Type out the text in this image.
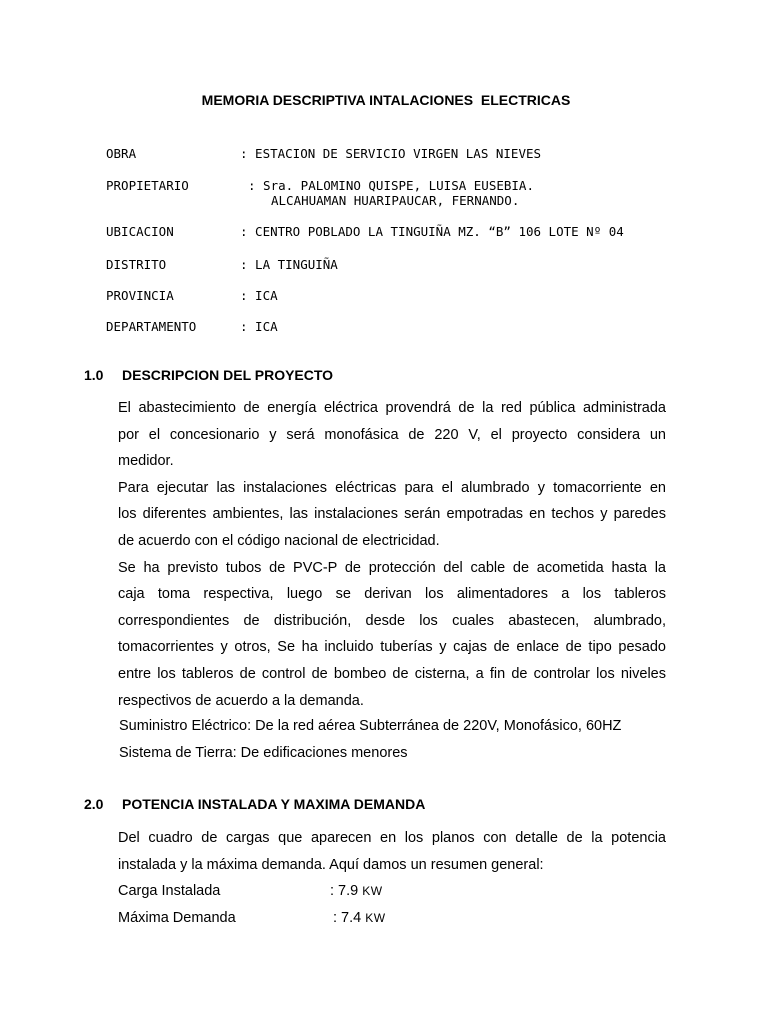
MEMORIA DESCRIPTIVA INTALACIONES  ELECTRICAS
OBRA	: ESTACION DE SERVICIO VIRGEN LAS NIEVES
PROPIETARIO	: Sra. PALOMINO QUISPE, LUISA EUSEBIA.
ALCAHUAMAN HUARIPAUCAR, FERNANDO.
UBICACION	: CENTRO POBLADO LA TINGUIÑA MZ. “B” 106 LOTE Nº 04
DISTRITO	: LA TINGUIÑA
PROVINCIA	: ICA
DEPARTAMENTO	: ICA
1.0 DESCRIPCION DEL PROYECTO
El abastecimiento de energía eléctrica provendrá de la red pública administrada
por el concesionario y será monofásica de 220 V, el proyecto considera un
medidor.
Para ejecutar las instalaciones eléctricas para el alumbrado y tomacorriente en
los diferentes ambientes, las instalaciones serán empotradas en techos y paredes
de acuerdo con el código nacional de electricidad.
Se ha previsto tubos de PVC-P de protección del cable de acometida hasta la
caja toma respectiva, luego se derivan los alimentadores a los tableros
correspondientes de distribución, desde los cuales abastecen, alumbrado,
tomacorrientes y otros, Se ha incluido tuberías y cajas de enlace de tipo pesado
entre los tableros de control de bombeo de cisterna, a fin de controlar los niveles
respectivos de acuerdo a la demanda.
Suministro Eléctrico: De la red aérea Subterránea de 220V, Monofásico, 60HZ
Sistema de Tierra: De edificaciones menores
2.0 POTENCIA INSTALADA Y MAXIMA DEMANDA
Del cuadro de cargas que aparecen en los planos con detalle de la potencia
instalada y la máxima demanda. Aquí damos un resumen general:
Carga Instalada	: 7.9 KW
Máxima Demanda	: 7.4 KW
